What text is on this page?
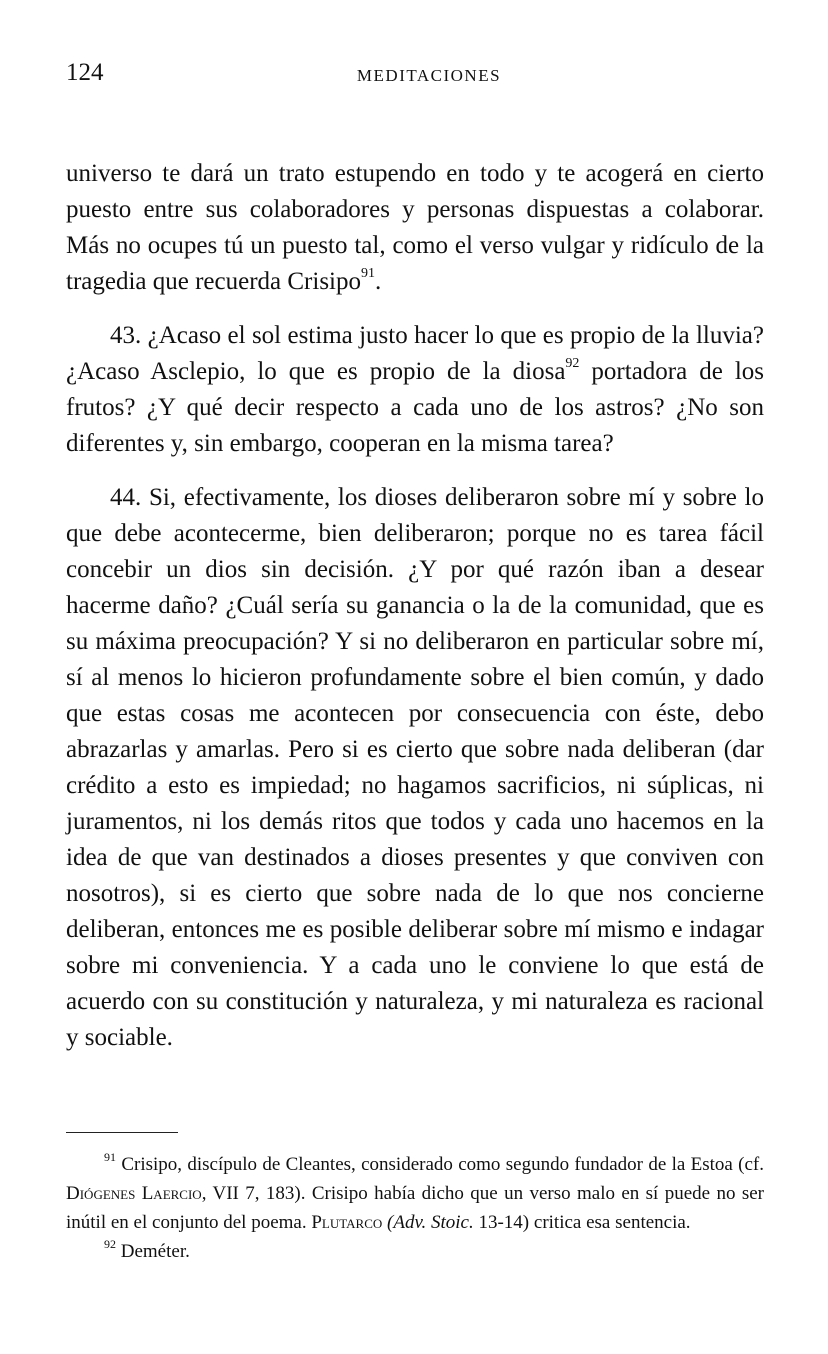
124	MEDITACIONES

universo te dará un trato estupendo en todo y te acogerá en cierto puesto entre sus colaboradores y personas dispuestas a colaborar. Más no ocupes tú un puesto tal, como el verso vulgar y ridículo de la tragedia que recuerda Crisipo$^{91}$.

43. ¿Acaso el sol estima justo hacer lo que es propio de la lluvia? ¿Acaso Asclepio, lo que es propio de la diosa$^{92}$ portadora de los frutos? ¿Y qué decir respecto a cada uno de los astros? ¿No son diferentes y, sin embargo, cooperan en la misma tarea?

44. Si, efectivamente, los dioses deliberaron sobre mí y sobre lo que debe acontecerme, bien deliberaron; porque no es tarea fácil concebir un dios sin decisión. ¿Y por qué razón iban a desear hacerme daño? ¿Cuál sería su ganancia o la de la comunidad, que es su máxima preocupación? Y si no deliberaron en particular sobre mí, sí al menos lo hicieron profundamente sobre el bien común, y dado que estas cosas me acontecen por consecuencia con éste, debo abrazarlas y amarlas. Pero si es cierto que sobre nada deliberan (dar crédito a esto es impiedad; no hagamos sacrificios, ni súplicas, ni juramentos, ni los demás ritos que todos y cada uno hacemos en la idea de que van destinados a dioses presentes y que conviven con nosotros), si es cierto que sobre nada de lo que nos concierne deliberan, entonces me es posible deliberar sobre mí mismo e indagar sobre mi conveniencia. Y a cada uno le conviene lo que está de acuerdo con su constitución y naturaleza, y mi naturaleza es racional y sociable.

$^{91}$ Crisipo, discípulo de Cleantes, considerado como segundo fundador de la Estoa (cf. Diógenes Laercio, VII 7, 183). Crisipo había dicho que un verso malo en sí puede no ser inútil en el conjunto del poema. Plutarco (Adv. Stoic. 13-14) critica esa sentencia.

$^{92}$ Deméter.
